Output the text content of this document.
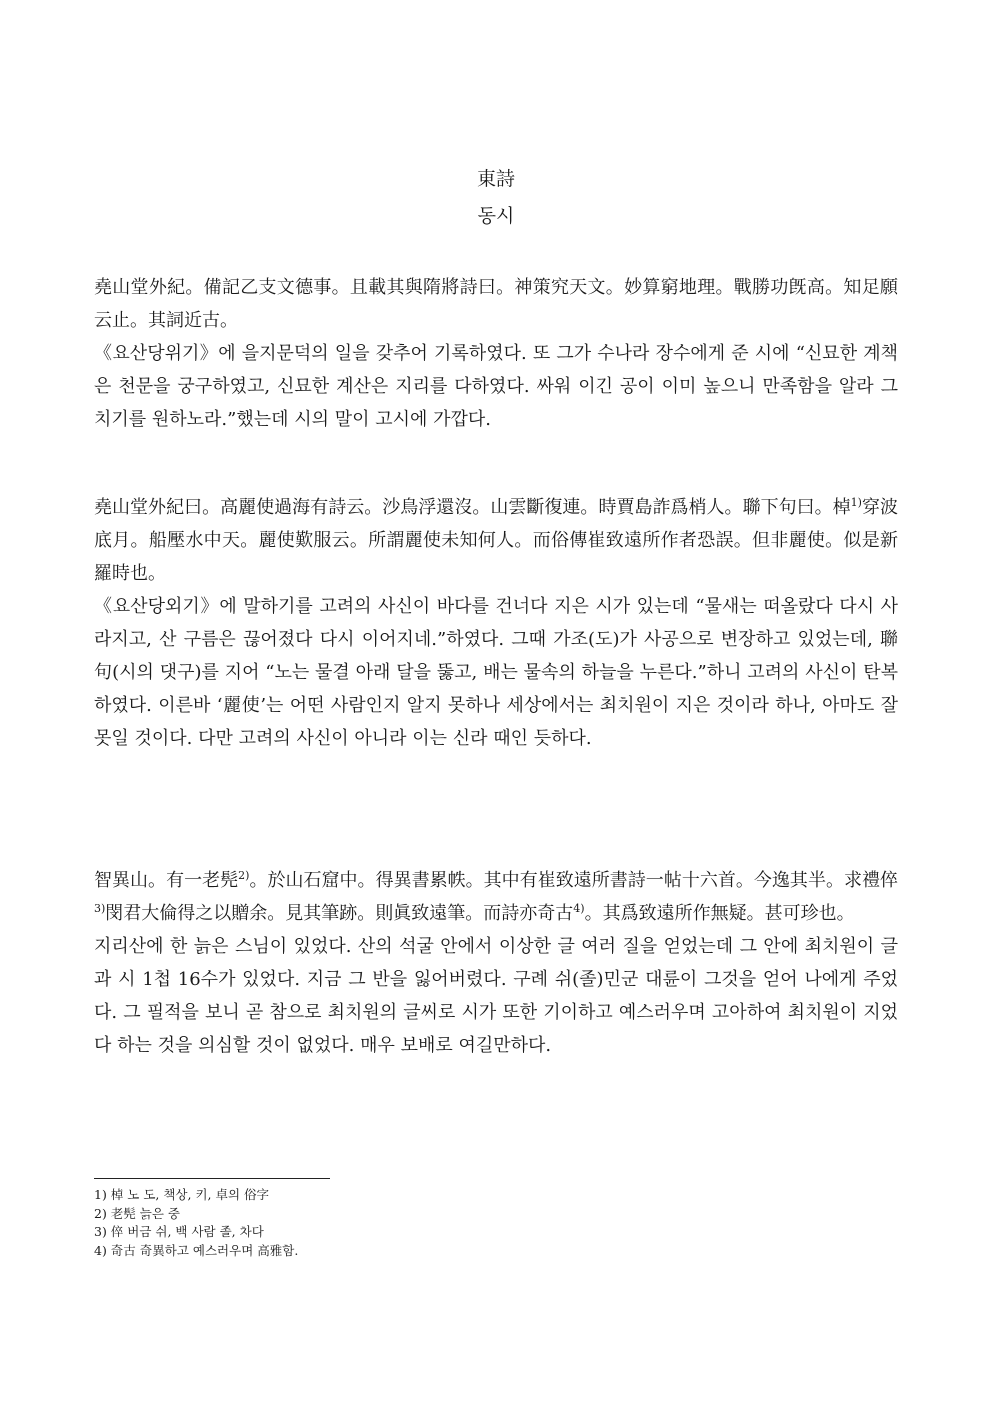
東詩
동시

堯山堂外紀。備記乙支文德事。且載其與隋將詩曰。神策究天文。妙算窮地理。戰勝功旣高。知足願云止。其詞近古。

《요산당위기》에 을지문덕의 일을 갖추어 기록하였다. 또 그가 수나라 장수에게 준 시에 “신묘한 계책은 천문을 궁구하였고, 신묘한 계산은 지리를 다하였다. 싸워 이긴 공이 이미 높으니 만족함을 알라 그치기를 원하노라.”했는데 시의 말이 고시에 가깝다.

堯山堂外紀曰。高麗使過海有詩云。沙鳥浮還沒。山雲斷復連。時賈島詐爲梢人。聯下句曰。棹$^{1)}$穿波底月。船壓水中天。麗使歎服云。所謂麗使未知何人。而俗傳崔致遠所作者恐誤。但非麗使。似是新羅時也。

《요산당외기》에 말하기를 고려의 사신이 바다를 건너다 지은 시가 있는데 “물새는 떠올랐다 다시 사라지고, 산 구름은 끊어졌다 다시 이어지네.”하였다. 그때 가조(도)가 사공으로 변장하고 있었는데, 聯句(시의 댓구)를 지어 “노는 물결 아래 달을 뚫고, 배는 물속의 하늘을 누른다.”하니 고려의 사신이 탄복하였다. 이른바 ‘麗使’는 어떤 사람인지 알지 못하나 세상에서는 최치원이 지은 것이라 하나, 아마도 잘못일 것이다. 다만 고려의 사신이 아니라 이는 신라 때인 듯하다.

智異山。有一老髡$^{2)}$。於山石窟中。得異書累帙。其中有崔致遠所書詩一帖十六首。今逸其半。求禮倅$^{3)}$閔君大倫得之以贈余。見其筆跡。則眞致遠筆。而詩亦奇古$^{4)}$。其爲致遠所作無疑。甚可珍也。

지리산에 한 늙은 스님이 있었다. 산의 석굴 안에서 이상한 글 여러 질을 얻었는데 그 안에 최치원이 글과 시 1첩 16수가 있었다. 지금 그 반을 잃어버렸다. 구례 쉬(졸)민군 대륜이 그것을 얻어 나에게 주었다. 그 필적을 보니 곧 참으로 최치원의 글씨로 시가 또한 기이하고 예스러우며 고아하여 최치원이 지었다 하는 것을 의심할 것이 없었다. 매우 보배로 여길만하다.

1) 棹 노 도, 책상, 키, 卓의 俗字

2) 老髡 늙은 중

3) 倅 버금 쉬, 백 사람 졸, 차다

4) 奇古 奇異하고 예스러우며 高雅함.
